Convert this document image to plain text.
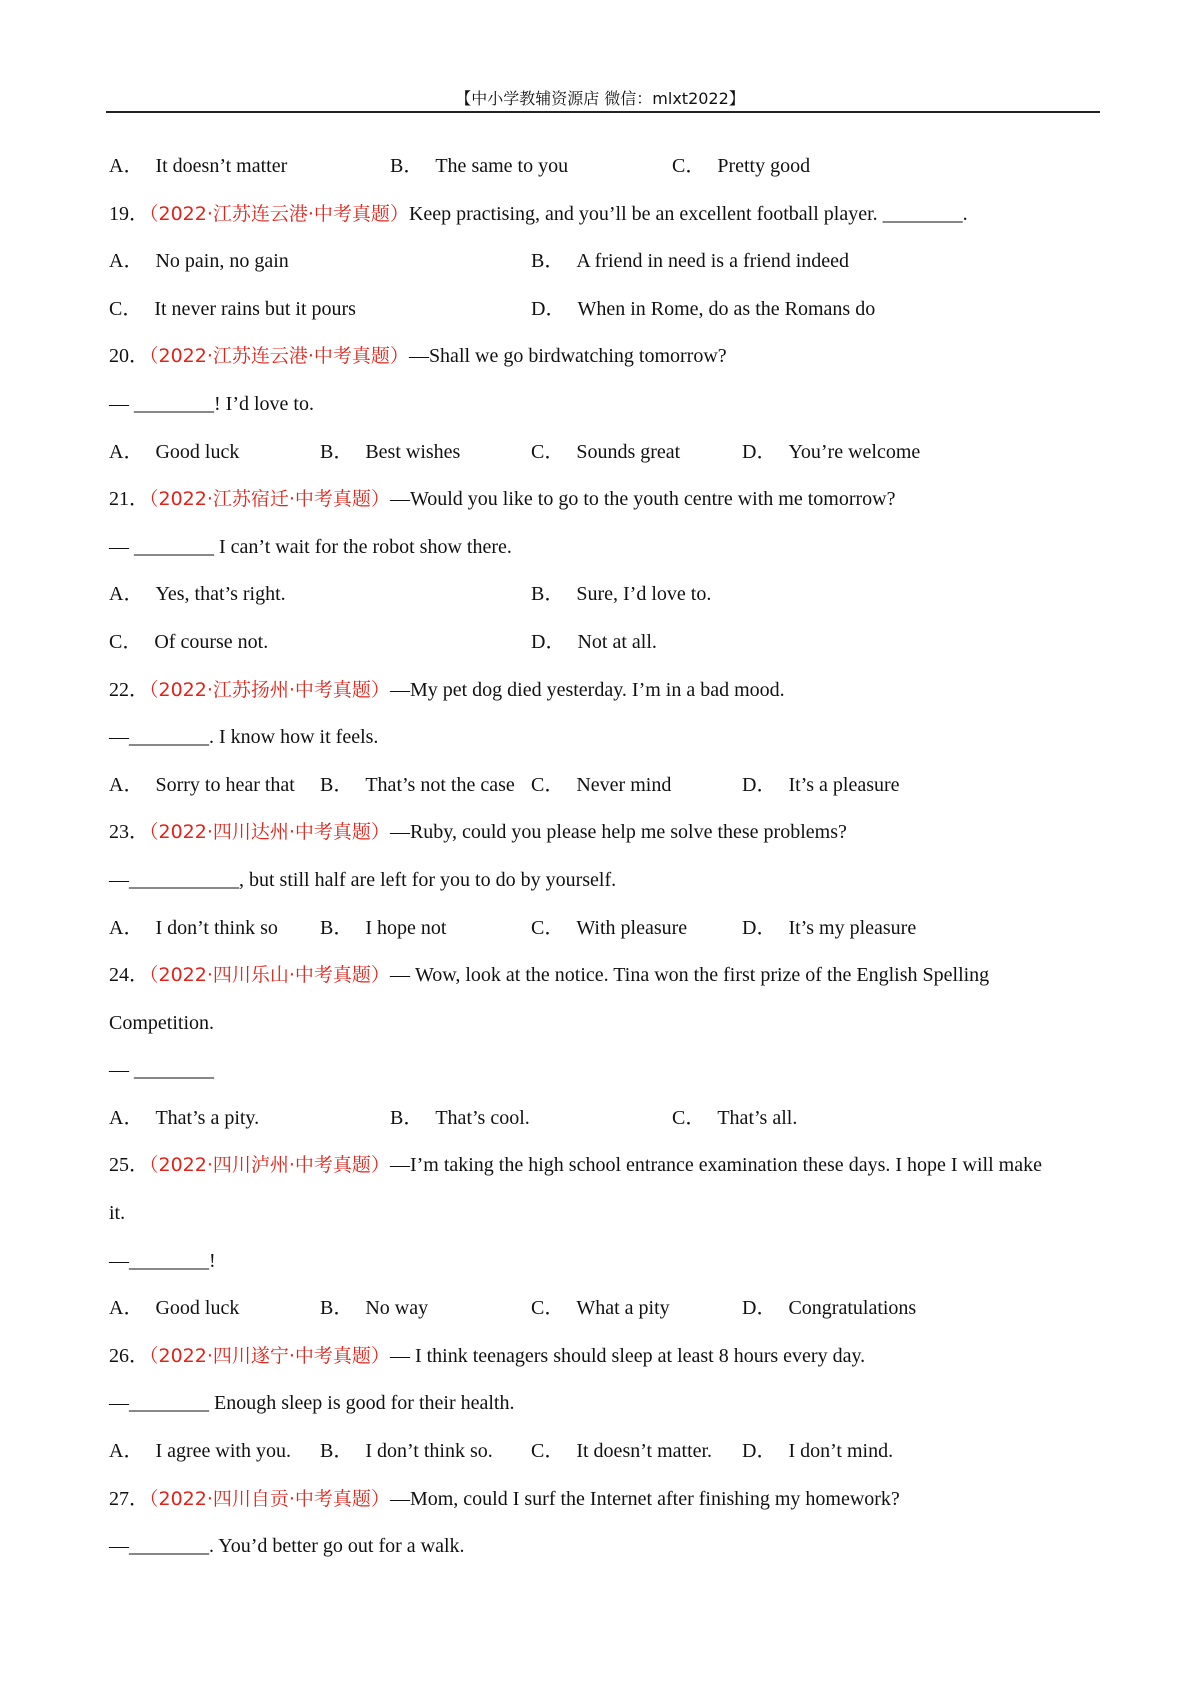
【中小学教辅资源店 微信：mlxt2022】
A． It doesn’t matter	B． The same to you	C． Pretty good
19．（2022·江苏连云港·中考真题）Keep practising, and you’ll be an excellent football player. ________.
A． No pain, no gain	B． A friend in need is a friend indeed
C． It never rains but it pours	D． When in Rome, do as the Romans do
20．（2022·江苏连云港·中考真题）—Shall we go birdwatching tomorrow?
— ________! I’d love to.
A． Good luck	B． Best wishes	C． Sounds great	D． You’re welcome
21．（2022·江苏宿迁·中考真题）—Would you like to go to the youth centre with me tomorrow?
— ________ I can’t wait for the robot show there.
A． Yes, that’s right.	B． Sure, I’d love to.
C． Of course not.	D． Not at all.
22．（2022·江苏扬州·中考真题）—My pet dog died yesterday. I’m in a bad mood.
—________. I know how it feels.
A． Sorry to hear that B． That’s not the case C． Never mind	D． It’s a pleasure
23．（2022·四川达州·中考真题）—Ruby, could you please help me solve these problems?
—___________, but still half are left for you to do by yourself.
A． I don’t think so B． I hope not	C． With pleasure	D． It’s my pleasure
24．（2022·四川乐山·中考真题）— Wow, look at the notice. Tina won the first prize of the English Spelling
Competition.
— ________
A． That’s a pity.	B． That’s cool.	C． That’s all.
25．（2022·四川泸州·中考真题）—I’m taking the high school entrance examination these days. I hope I will make
it.
—________!
A． Good luck	B． No way	C． What a pity	D． Congratulations
26．（2022·四川遂宁·中考真题）— I think teenagers should sleep at least 8 hours every day.
—________ Enough sleep is good for their health.
A． I agree with you. B． I don’t think so. C． It doesn’t matter. D． I don’t mind.
27．（2022·四川自贡·中考真题）—Mom, could I surf the Internet after finishing my homework?
—________. You’d better go out for a walk.
